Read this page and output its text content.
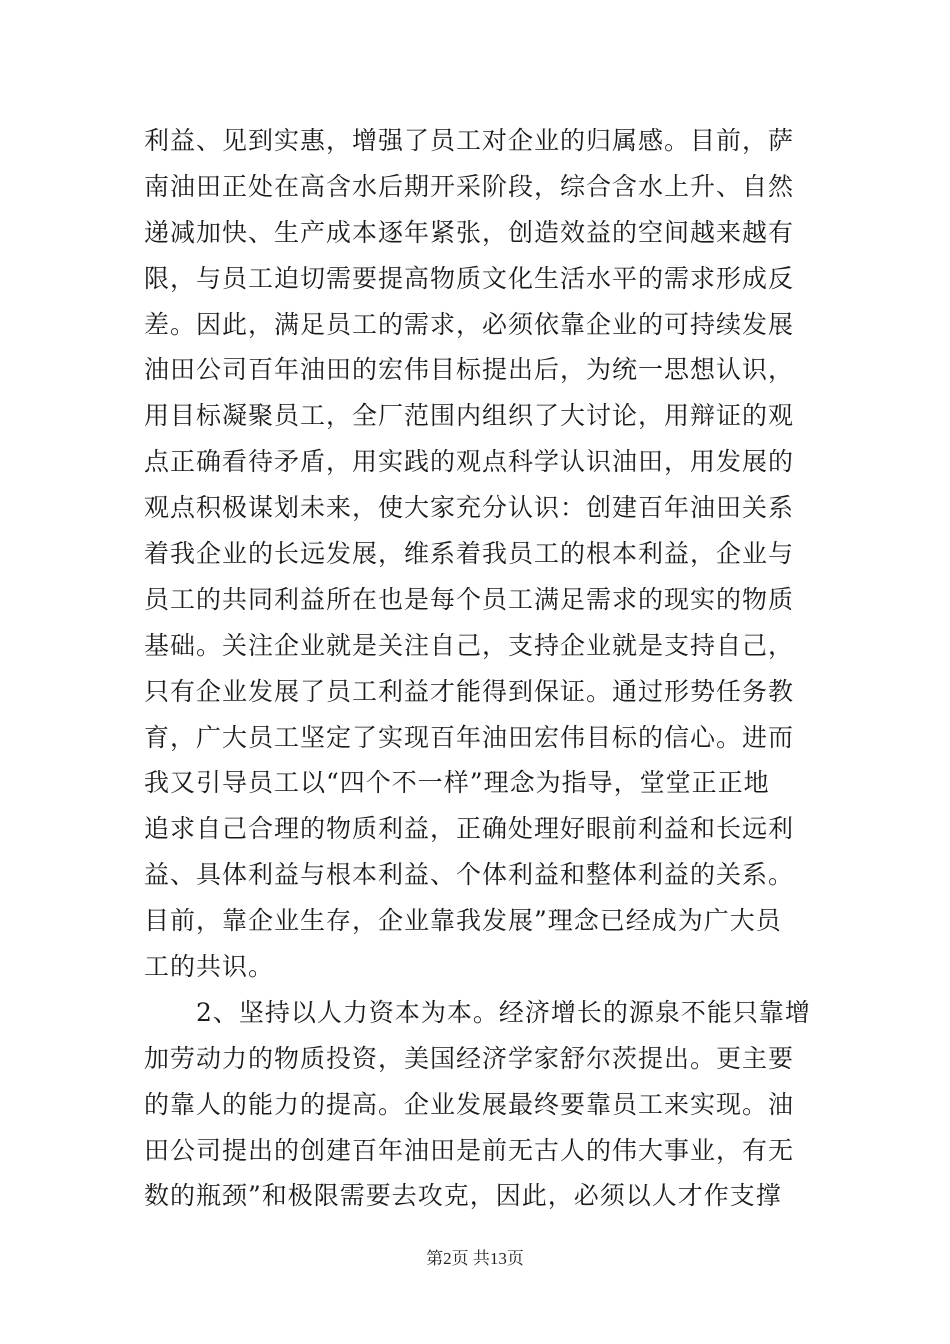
利益、见到实惠，增强了员工对企业的归属感。目前，萨
南油田正处在高含水后期开采阶段，综合含水上升、自然
递减加快、生产成本逐年紧张，创造效益的空间越来越有
限，与员工迫切需要提高物质文化生活水平的需求形成反
差。因此，满足员工的需求，必须依靠企业的可持续发展
油田公司百年油田的宏伟目标提出后，为统一思想认识，
用目标凝聚员工，全厂范围内组织了大讨论，用辩证的观
点正确看待矛盾，用实践的观点科学认识油田，用发展的
观点积极谋划未来，使大家充分认识：创建百年油田关系
着我企业的长远发展，维系着我员工的根本利益，企业与
员工的共同利益所在也是每个员工满足需求的现实的物质
基础。关注企业就是关注自己，支持企业就是支持自己，
只有企业发展了员工利益才能得到保证。通过形势任务教
育，广大员工坚定了实现百年油田宏伟目标的信心。进而
我又引导员工以“四个不一样”理念为指导，堂堂正正地
追求自己合理的物质利益，正确处理好眼前利益和长远利
益、具体利益与根本利益、个体利益和整体利益的关系。
目前，靠企业生存，企业靠我发展”理念已经成为广大员
工的共识。
2、坚持以人力资本为本。经济增长的源泉不能只靠增
加劳动力的物质投资，美国经济学家舒尔茨提出。更主要
的靠人的能力的提高。企业发展最终要靠员工来实现。油
田公司提出的创建百年油田是前无古人的伟大事业，有无
数的瓶颈”和极限需要去攻克，因此，必须以人才作支撑
第2页 共13页
